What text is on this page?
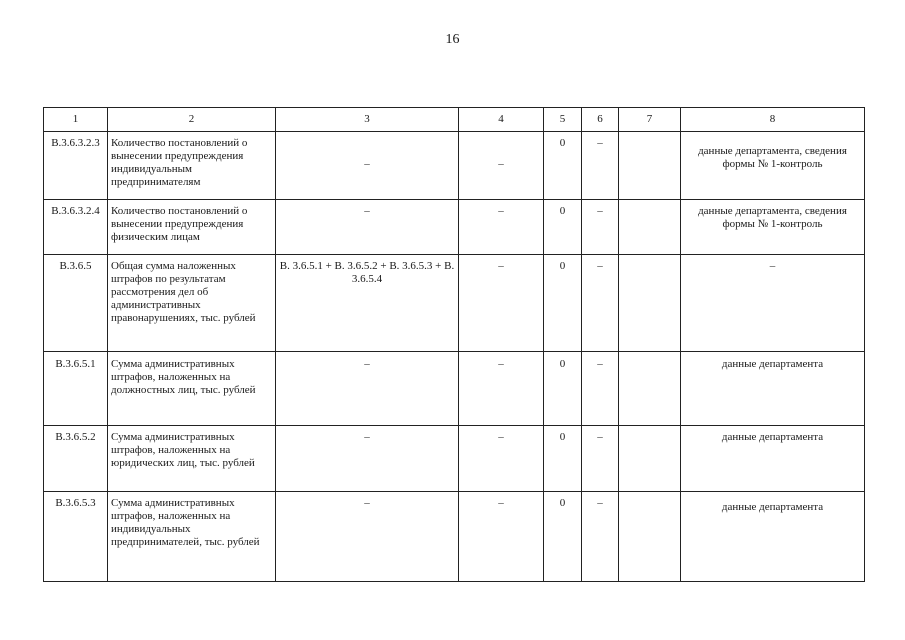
16
1	2	3	4	5	6	7	8
В.3.6.3.2.3	Количество постановлений о вынесении предупреждения индивидуальным предпринимателям	–	–	0	–		данные департамента, сведения формы № 1-контроль
В.3.6.3.2.4	Количество постановлений о вынесении предупреждения физическим лицам	–	–	0	–		данные департамента, сведения формы № 1-контроль
В.3.6.5	Общая сумма наложенных штрафов по результатам рассмотрения дел об административных правонарушениях, тыс. рублей	В. 3.6.5.1 + В. 3.6.5.2 + В. 3.6.5.3 + В. 3.6.5.4	–	0	–		–
В.3.6.5.1	Сумма административных штрафов, наложенных на должностных лиц, тыс. рублей	–	–	0	–		данные департамента
В.3.6.5.2	Сумма административных штрафов, наложенных на юридических лиц, тыс. рублей	–	–	0	–		данные департамента
В.3.6.5.3	Сумма административных штрафов, наложенных на индивидуальных предпринимателей, тыс. рублей	–	–	0	–		данные департамента
